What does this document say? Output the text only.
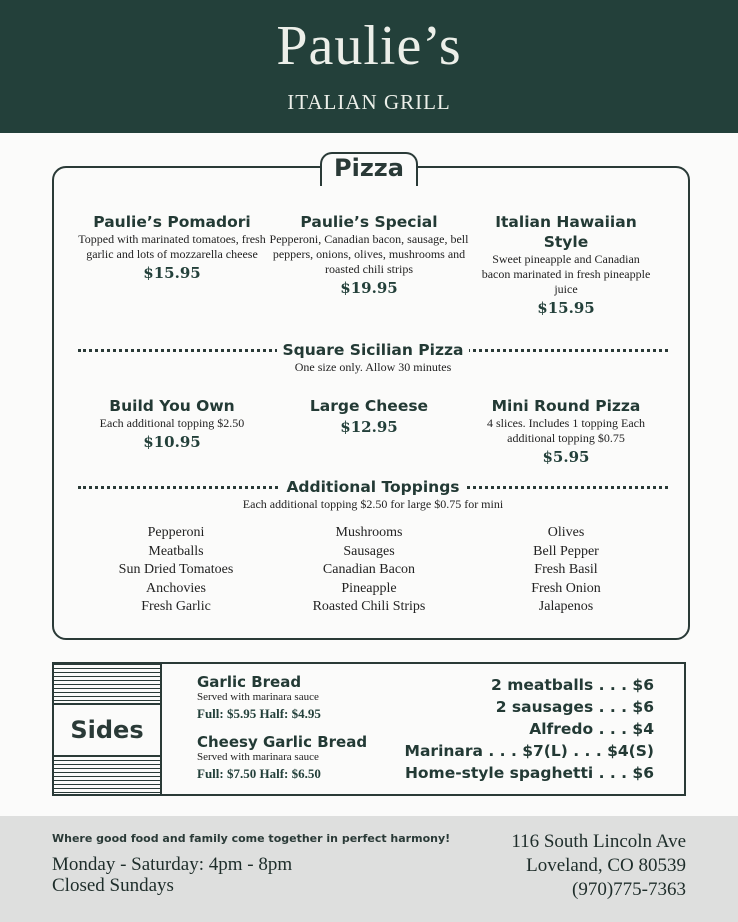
Paulie’s
ITALIAN GRILL
Pizza
Paulie’s Pomadori
Topped with marinated tomatoes, fresh garlic and lots of mozzarella cheese
$15.95
Paulie’s Special
Pepperoni, Canadian bacon, sausage, bell peppers, onions, olives, mushrooms and roasted chili strips
$19.95
Italian Hawaiian Style
Sweet pineapple and Canadian bacon marinated in fresh pineapple juice
$15.95
Square Sicilian Pizza
One size only. Allow 30 minutes
Build You Own
Each additional topping $2.50
$10.95
Large Cheese
$12.95
Mini Round Pizza
4 slices. Includes 1 topping Each additional topping $0.75
$5.95
Additional Toppings
Each additional topping $2.50 for large $0.75 for mini
Pepperoni
Meatballs
Sun Dried Tomatoes
Anchovies
Fresh Garlic
Mushrooms
Sausages
Canadian Bacon
Pineapple
Roasted Chili Strips
Olives
Bell Pepper
Fresh Basil
Fresh Onion
Jalapenos
Sides
Garlic Bread
Served with marinara sauce
Full: $5.95 Half: $4.95
Cheesy Garlic Bread
Served with marinara sauce
Full: $7.50 Half: $6.50
2 meatballs . . . $6
2 sausages . . . $6
Alfredo . . . $4
Marinara . . . $7(L) . . . $4(S)
Home-style spaghetti . . . $6
Where good food and family come together in perfect harmony!
Monday - Saturday: 4pm - 8pm
Closed Sundays
116 South Lincoln Ave
Loveland, CO 80539
(970)775-7363
